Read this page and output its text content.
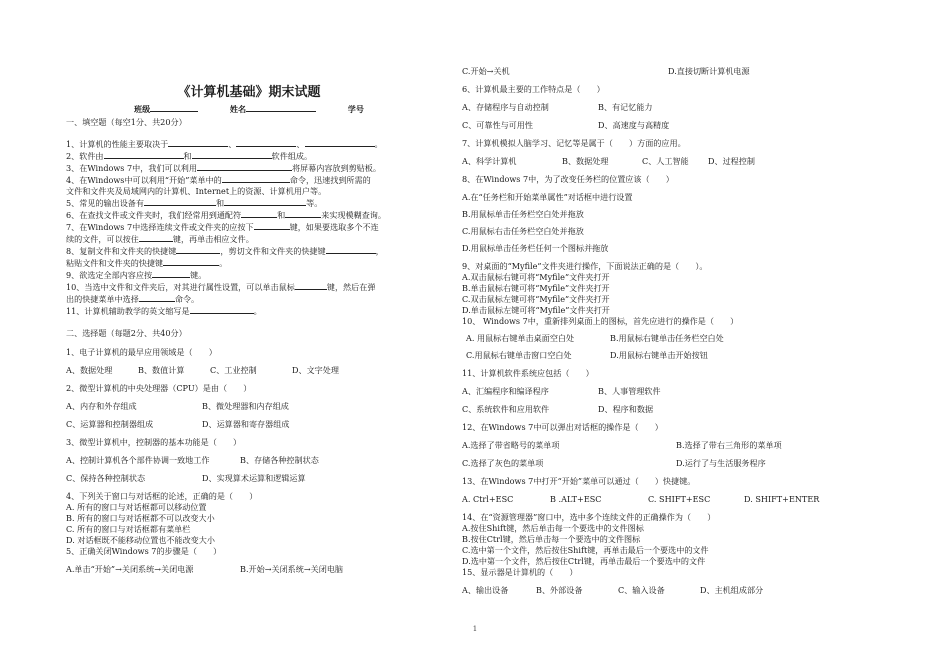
《计算机基础》期末试题
班级	姓名	学号
一、填空题（每空1分、共20分）
1、计算机的性能主要取决于	、	、	。
2、软件由	和	软件组成。
3、在Windows 7中，我们可以利用	将屏幕内容放到剪贴板。
4、在Windows中可以利用“开始”菜单中的	命令，迅速找到所需的
文件和文件夹及局域网内的计算机、Internet上的资源、计算机用户等。
5、常见的输出设备有	和	等。
6、在查找文件或文件夹时，我们经常用到通配符	和	来实现模糊查询。
7、在Windows 7中选择连续文件或文件夹的应按下	键，如果要选取多个不连
续的文件，可以按住	键，再单击相应文件。
8、复制文件和文件夹的快捷键	，剪切文件和文件夹的快捷键	，
粘贴文件和文件夹的快捷键	。
9、欲选定全部内容应按	键。
10、当选中文件和文件夹后，对其进行属性设置，可以单击鼠标	键，然后在弹
出的快捷菜单中选择	命令。
11、计算机辅助教学的英文缩写是	。
二、选择题（每题2分、共40分）
1、电子计算机的最早应用领域是（　　）
A、数据处理	B、数值计算	C、工业控制	D、文字处理
2、微型计算机的中央处理器（CPU）是由（　　）
A、内存和外存组成	B、微处理器和内存组成
C、运算器和控制器组成	D、运算器和寄存器组成
3、微型计算机中，控制器的基本功能是（　　）
A、控制计算机各个部件协调一致地工作	B、存储各种控制状态
C、保持各种控制状态	D、实现算术运算和逻辑运算
4、下列关于窗口与对话框的论述，正确的是（　　）
A. 所有的窗口与对话框都可以移动位置
B. 所有的窗口与对话框都不可以改变大小
C. 所有的窗口与对话框都有菜单栏
D. 对话框既不能移动位置也不能改变大小
5、正确关闭Windows 7的步骤是（　　）
A.单击“开始”→关闭系统→关闭电源	B.开始→关闭系统→关闭电脑
C.开始→关机	D.直接切断计算机电源
6、计算机最主要的工作特点是（　　）
A、存储程序与自动控制	B、有记忆能力
C、可靠性与可用性	D、高速度与高精度
7、计算机模拟人脑学习、记忆等是属于（　　）方面的应用。
A、科学计算机	B、数据处理	C、人工智能 D、过程控制
8、在Windows 7中，为了改变任务栏的位置应该（　　）
A.在“任务栏和开始菜单属性”对话框中进行设置
B.用鼠标单击任务栏空白处并拖放
C.用鼠标右击任务栏空白处并拖放
D.用鼠标单击任务栏任何一个图标并拖放
9、对桌面的“Myfile”文件夹进行操作，下面说法正确的是（　　）。
A.双击鼠标右键可将“Myfile”文件夹打开
B.单击鼠标右键可将“Myfile”文件夹打开
C.双击鼠标左键可将“Myfile”文件夹打开
D.单击鼠标左键可将“Myfile”文件夹打开
10、 Windows 7中，重新排列桌面上的图标，首先应进行的操作是（　　）
A. 用鼠标右键单击桌面空白处	B.用鼠标右键单击任务栏空白处
C.用鼠标右键单击窗口空白处	D.用鼠标右键单击开始按钮
11、计算机软件系统应包括（　　）
A、汇编程序和编译程序	B、人事管理软件
C、系统软件和应用软件	D、程序和数据
12、在Windows 7中可以弹出对话框的操作是（　　）
A.选择了带省略号的菜单项	B.选择了带右三角形的菜单项
C.选择了灰色的菜单项	D.运行了与生活服务程序
13、在Windows 7中打开“开始”菜单可以通过（　　）快捷键。
A. Ctrl+ESC	B .ALT+ESC	C. SHIFT+ESC	D. SHIFT+ENTER
14、在“资源管理器”窗口中，选中多个连续文件的正确操作为（　　）
A.按住Shift键，然后单击每一个要选中的文件图标
B.按住Ctrl键，然后单击每一个要选中的文件图标
C.选中第一个文件，然后按住Shift键，再单击最后一个要选中的文件
D.选中第一个文件，然后按住Ctrl键，再单击最后一个要选中的文件
15、显示器是计算机的（　　）
A、输出设备	B、外部设备	C、输入设备	D、主机组成部分
1
